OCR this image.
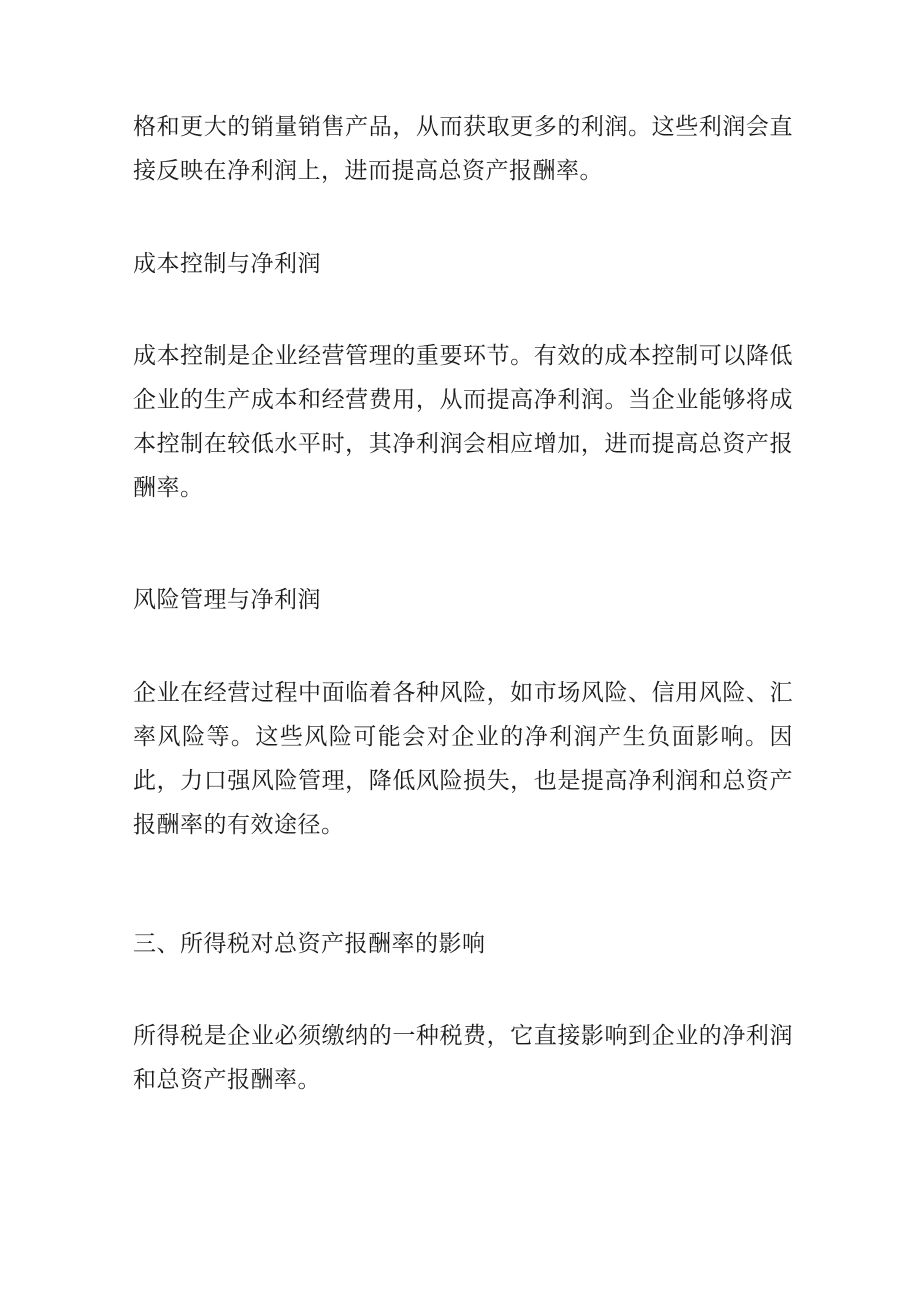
格和更大的销量销售产品，从而获取更多的利润。这些利润会直接反映在净利润上，进而提高总资产报酬率。

成本控制与净利润

成本控制是企业经营管理的重要环节。有效的成本控制可以降低企业的生产成本和经营费用，从而提高净利润。当企业能够将成本控制在较低水平时，其净利润会相应增加，进而提高总资产报酬率。

风险管理与净利润

企业在经营过程中面临着各种风险，如市场风险、信用风险、汇率风险等。这些风险可能会对企业的净利润产生负面影响。因此，力口强风险管理，降低风险损失，也是提高净利润和总资产报酬率的有效途径。

三、所得税对总资产报酬率的影响

所得税是企业必须缴纳的一种税费，它直接影响到企业的净利润和总资产报酬率。
